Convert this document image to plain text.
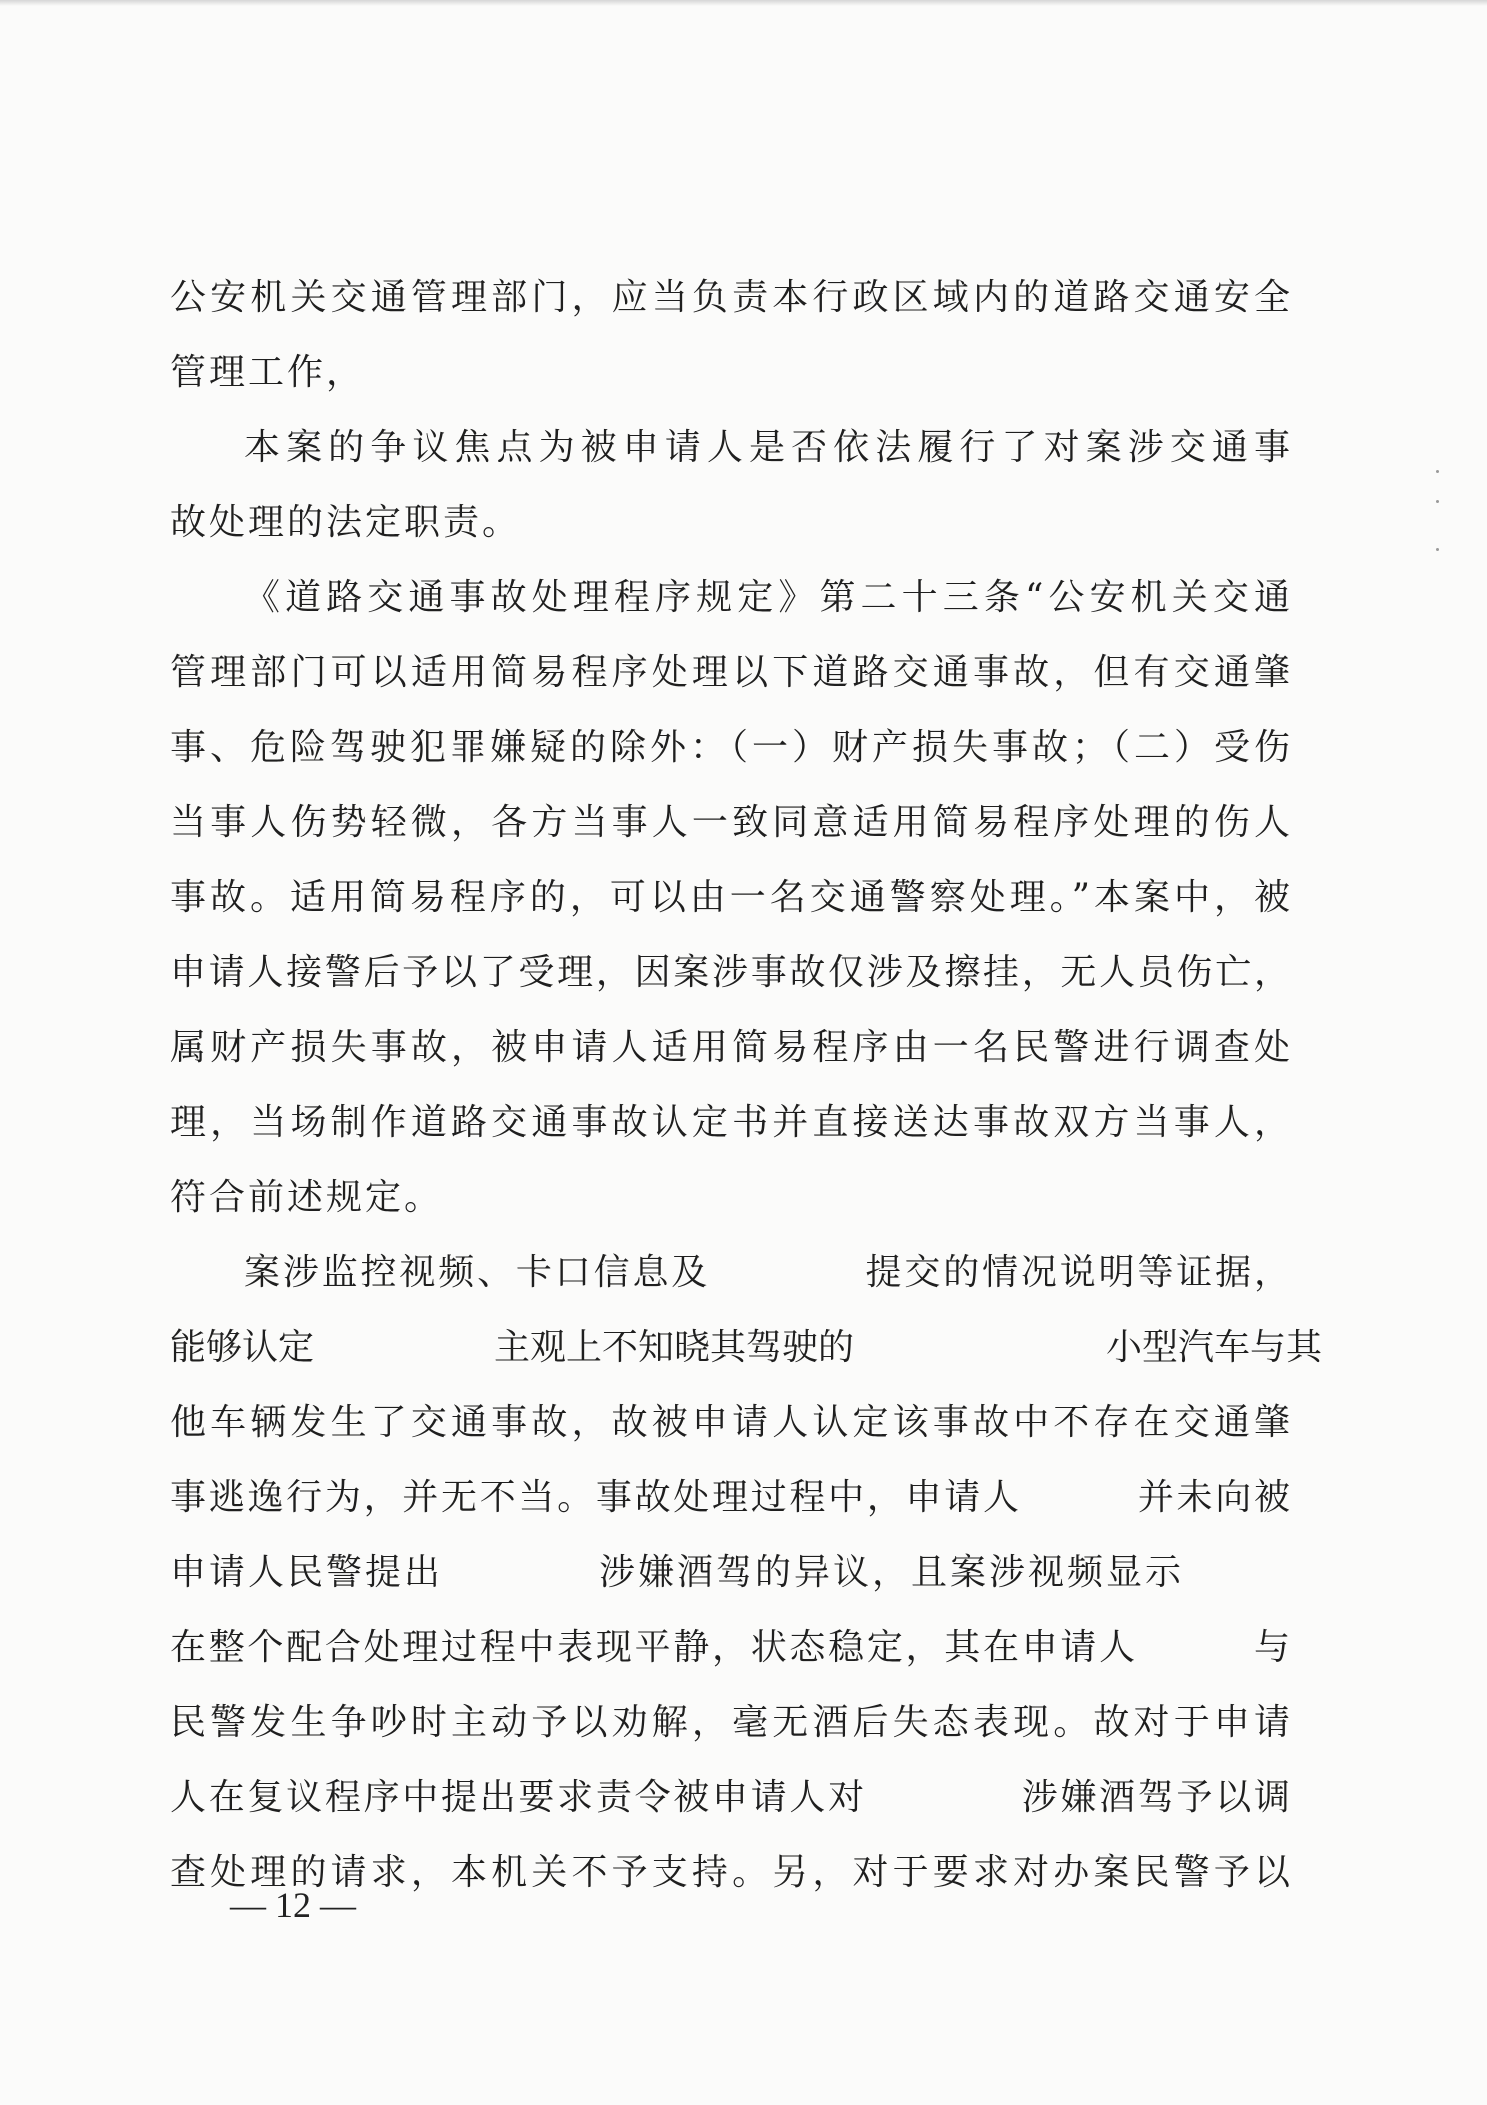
公安机关交通管理部门，应当负责本行政区域内的道路交通安全
管理工作，
本案的争议焦点为被申请人是否依法履行了对案涉交通事
故处理的法定职责。
《道路交通事故处理程序规定》第二十三条“公安机关交通
管理部门可以适用简易程序处理以下道路交通事故，但有交通肇
事、危险驾驶犯罪嫌疑的除外：（一）财产损失事故；（二）受伤
当事人伤势轻微，各方当事人一致同意适用简易程序处理的伤人
事故。适用简易程序的，可以由一名交通警察处理。”本案中，被
申请人接警后予以了受理，因案涉事故仅涉及擦挂，无人员伤亡，
属财产损失事故，被申请人适用简易程序由一名民警进行调查处
理，当场制作道路交通事故认定书并直接送达事故双方当事人，
符合前述规定。
案涉监控视频、卡口信息及　　　　提交的情况说明等证据，
能够认定　　　　　主观上不知晓其驾驶的　　　　　　　小型汽车与其
他车辆发生了交通事故，故被申请人认定该事故中不存在交通肇
事逃逸行为，并无不当。事故处理过程中，申请人　　　并未向被
申请人民警提出　　　　涉嫌酒驾的异议，且案涉视频显示
在整个配合处理过程中表现平静，状态稳定，其在申请人　　　与
民警发生争吵时主动予以劝解，毫无酒后失态表现。故对于申请
人在复议程序中提出要求责令被申请人对　　　　涉嫌酒驾予以调
查处理的请求，本机关不予支持。另，对于要求对办案民警予以
— 12 —
